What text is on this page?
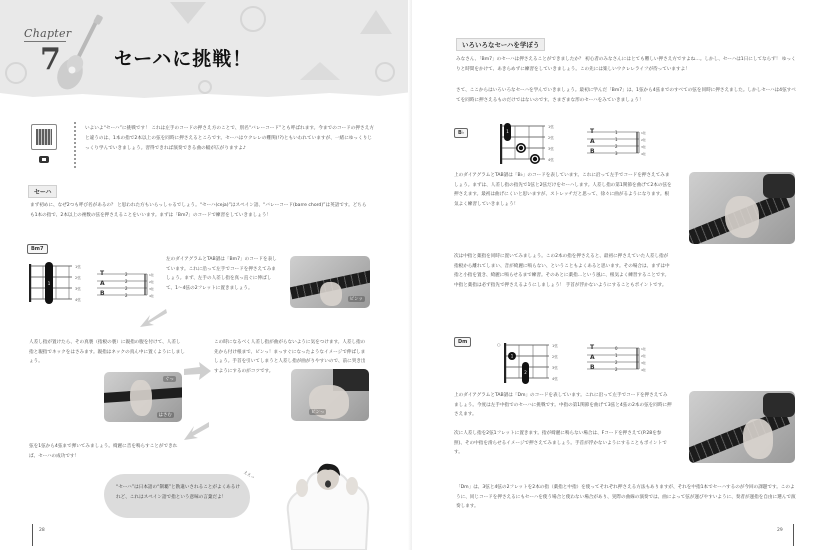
Chapter
7	セーハに挑戦！
いよいよ“セーハ”に挑戦です！ これは左手のコードの押さえ方のことで、別名“バレーコード”とも呼ばれます。今までのコードの押さえ方と違うのは、1本の指で2本以上の弦を同時に押さえるところです。セーハはウクレレの難関(!?)ともいわれていますが、一緒にゆっくりじっくり学んでいきましょう。習得できれば演奏できる曲の幅が広がりますよ♪
セーハ
まず初めに、なぜ2つも呼び名があるの？ と思われた方もいらっしゃるでしょう。“セーハ(ceja)”はスペイン語、“バレーコード(barre chord)”は英語です。どちらも1本の指で、2本以上の複数の弦を押さえることをいいます。まずは「Bm7」のコードで練習をしていきましょう！
Bm7
1
1弦
2弦
3弦
4弦
T
A
B
2
2
2
2
1弦
2弦
3弦
4弦
左のダイアグラムとTAB譜は「Bm7」のコードを表しています。これに沿って左手でコードを押さえてみましょう。まず、左手の人差し指を真っ直ぐに伸ばして、1～4弦の2フレットに置きましょう。
ピンッ
人差し指が置けたら、その真裏（指板の裏）に親指の腹を付けて、人差し指と親指でネックをはさみます。親指はネックの真ん中に置くようにしましょう。
ぐっ
はさむ
この時になるべく人差し指が曲がらないように気をつけます。人差し指の先から付け根まで、ピンっ！まっすぐになったようなイメージで伸ばしましょう。手首を引いてしまうと人差し指が曲がりやすいので、前に突き出すようにするのがコツです。
ピンっ
弦を1弦から4弦まで弾いてみましょう。綺麗に音を鳴らすことができれば、セーハの成功です！
“セーハ”は日本語の“制覇”と勘違いされることがよくあるけれど、これはスペイン語で指という意味の言葉だよ！
ええっ
28
いろいろなセーハを学ぼう
みなさん、「Bm7」のセーハは押さえることができましたか？ 初心者のみなさんにはとても難しい押さえ方ですよね…。しかし、セーハは1日にしてならず！ ゆっくりと時間をかけて、あきらめずに練習をしていきましょう。この先には楽しいウクレレライフが待っていますよ！
さて、ここからはいろいろなセーハを学んでいきましょう。最初に学んだ「Bm7」は、1弦から4弦までのすべての弦を同時に押さえました。しかしセーハは4弦すべてを同時に押さえるものだけではないのです。さまざまな形のセーハをみていきましょう！
B♭	1
1弦
2弦
3弦
4弦
T
A
B
1
1
2
3
1弦
2弦
3弦
4弦
上のダイアグラムとTAB譜は「B♭」のコードを表しています。これに沿って左手でコードを押さえてみましょう。まずは、人差し指の指先で1弦と2弦だけをセーハします。人差し指の第1関節を曲げて2本の弦を押さえます。最初は曲げにくいと思いますが、ストレッチだと思って、徐々に曲がるようになります。根気よく練習していきましょう！
次は中指と薬指を同時に置いてみましょう。この2本の指を押さえると、最初に押さえていた人差し指が指板から離れてしまい、音が綺麗に鳴らない、ということもよくあると思います。その場合は、まずは中指と小指を置き、綺麗に鳴らせるまで練習。そのあとに薬指…という風に、根気よく練習することです。中指と薬指は必ず指先で押さえるようにしましょう！ 手首が浮かないようにすることもポイントです。
Dm	○
1
2
1弦
2弦
3弦
4弦
T
A
B
0
1
2
2
1弦
2弦
3弦
4弦
上のダイアグラムとTAB譜は「Dm」のコードを表しています。これに沿って左手でコードを押さえてみましょう。今度は左手中指でのセーハに挑戦です。中指の第1関節を曲げて3弦と4弦の2本の弦を同時に押さえます。
次に人差し指を2弦1フレットに置きます。指が綺麗に鳴らない場合は、Fコードを押さえて(P.28を参照)、その中指を滑らせるイメージで押さえてみましょう。手首が浮かないようにすることもポイントです。
「Dm」は、3弦と4弦の2フレットを2本の指（薬指と中指）を使ってそれぞれ押さえる方法もありますが、それを中指1本でセーハするのが今回の課題です。このように、同じコードを押さえるにもセーハを使う場合と使わない場合があり、実際の曲線の演奏では、曲によって弦が運びやすいように、奏者が運指を自由に選んで演奏します。
29
